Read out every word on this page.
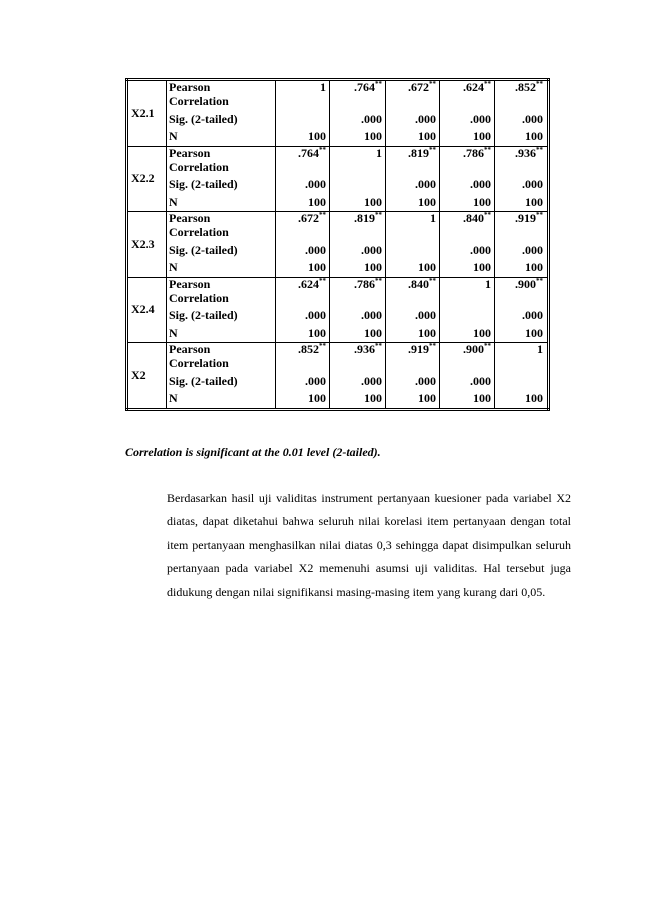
X2.1	Pearson	1	.764**	.672**	.624**	.852**
	Correlation					
	Sig. (2-tailed)		.000	.000	.000	.000
	N	100	100	100	100	100
X2.2	Pearson	.764**	1	.819**	.786**	.936**
	Correlation					
	Sig. (2-tailed)	.000		.000	.000	.000
	N	100	100	100	100	100
X2.3	Pearson	.672**	.819**	1	.840**	.919**
	Correlation					
	Sig. (2-tailed)	.000	.000		.000	.000
	N	100	100	100	100	100
X2.4	Pearson	.624**	.786**	.840**	1	.900**
	Correlation					
	Sig. (2-tailed)	.000	.000	.000		.000
	N	100	100	100	100	100
X2	Pearson	.852**	.936**	.919**	.900**	1
	Correlation					
	Sig. (2-tailed)	.000	.000	.000	.000	
	N	100	100	100	100	100

Correlation is significant at the 0.01 level (2-tailed).

Berdasarkan hasil uji validitas instrument pertanyaan kuesioner pada variabel X2 diatas, dapat diketahui bahwa seluruh nilai korelasi item pertanyaan dengan total item pertanyaan menghasilkan nilai diatas 0,3 sehingga dapat disimpulkan seluruh pertanyaan pada variabel X2 memenuhi asumsi uji validitas. Hal tersebut juga didukung dengan nilai signifikansi masing-masing item yang kurang dari 0,05.
